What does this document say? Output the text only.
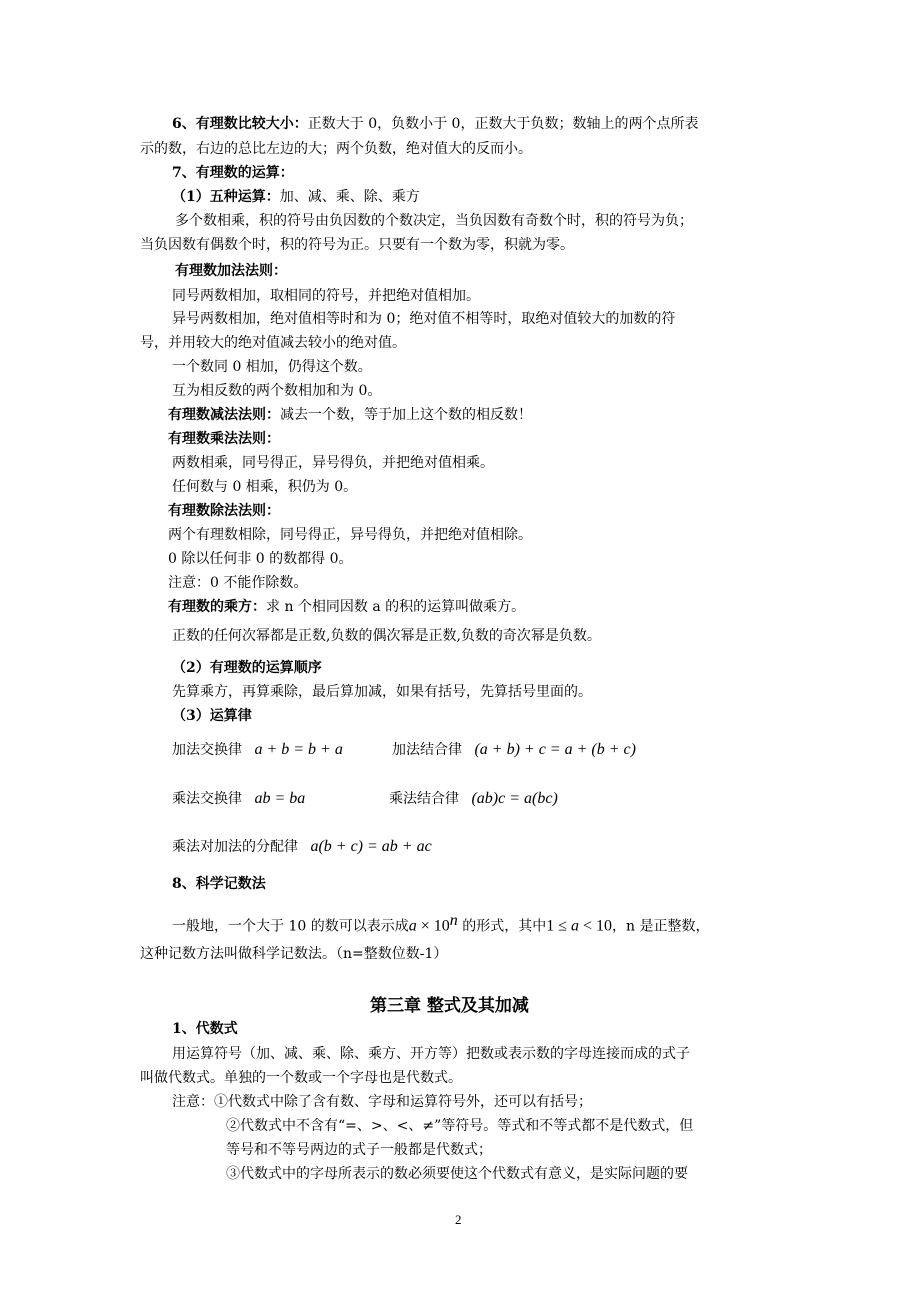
6、有理数比较大小：正数大于 0，负数小于 0，正数大于负数；数轴上的两个点所表
示的数，右边的总比左边的大；两个负数，绝对值大的反而小。
7、有理数的运算：
（1）五种运算：加、减、乘、除、乘方
多个数相乘，积的符号由负因数的个数决定，当负因数有奇数个时，积的符号为负；
当负因数有偶数个时，积的符号为正。只要有一个数为零，积就为零。
有理数加法法则：
同号两数相加，取相同的符号，并把绝对值相加。
异号两数相加，绝对值相等时和为 0；绝对值不相等时，取绝对值较大的加数的符
号，并用较大的绝对值减去较小的绝对值。
一个数同 0 相加，仍得这个数。
互为相反数的两个数相加和为 0。
有理数减法法则：减去一个数，等于加上这个数的相反数！
有理数乘法法则：
两数相乘，同号得正，异号得负，并把绝对值相乘。
任何数与 0 相乘，积仍为 0。
有理数除法法则：
两个有理数相除，同号得正，异号得负，并把绝对值相除。
0 除以任何非 0 的数都得 0。
注意：0 不能作除数。
有理数的乘方：求 n 个相同因数 a 的积的运算叫做乘方。
正数的任何次幂都是正数,负数的偶次幂是正数,负数的奇次幂是负数。
（2）有理数的运算顺序
先算乘方，再算乘除，最后算加减，如果有括号，先算括号里面的。
（3）运算律
加法交换律 a + b = b + a	加法结合律 (a + b) + c = a + (b + c)
乘法交换律 ab = ba	乘法结合律 (ab)c = a(bc)
乘法对加法的分配律 a(b + c) = ab + ac
8、科学记数法
一般地，一个大于 10 的数可以表示成$a \times 10^n$ 的形式，其中1 ≤ a < 10，n 是正整数，
这种记数方法叫做科学记数法。（n=整数位数-1）
第三章 整式及其加减
1、代数式
用运算符号（加、减、乘、除、乘方、开方等）把数或表示数的字母连接而成的式子
叫做代数式。单独的一个数或一个字母也是代数式。
注意：①代数式中除了含有数、字母和运算符号外，还可以有括号；
②代数式中不含有“=、>、<、≠”等符号。等式和不等式都不是代数式，但
等号和不等号两边的式子一般都是代数式；
③代数式中的字母所表示的数必须要使这个代数式有意义，是实际问题的要
2
